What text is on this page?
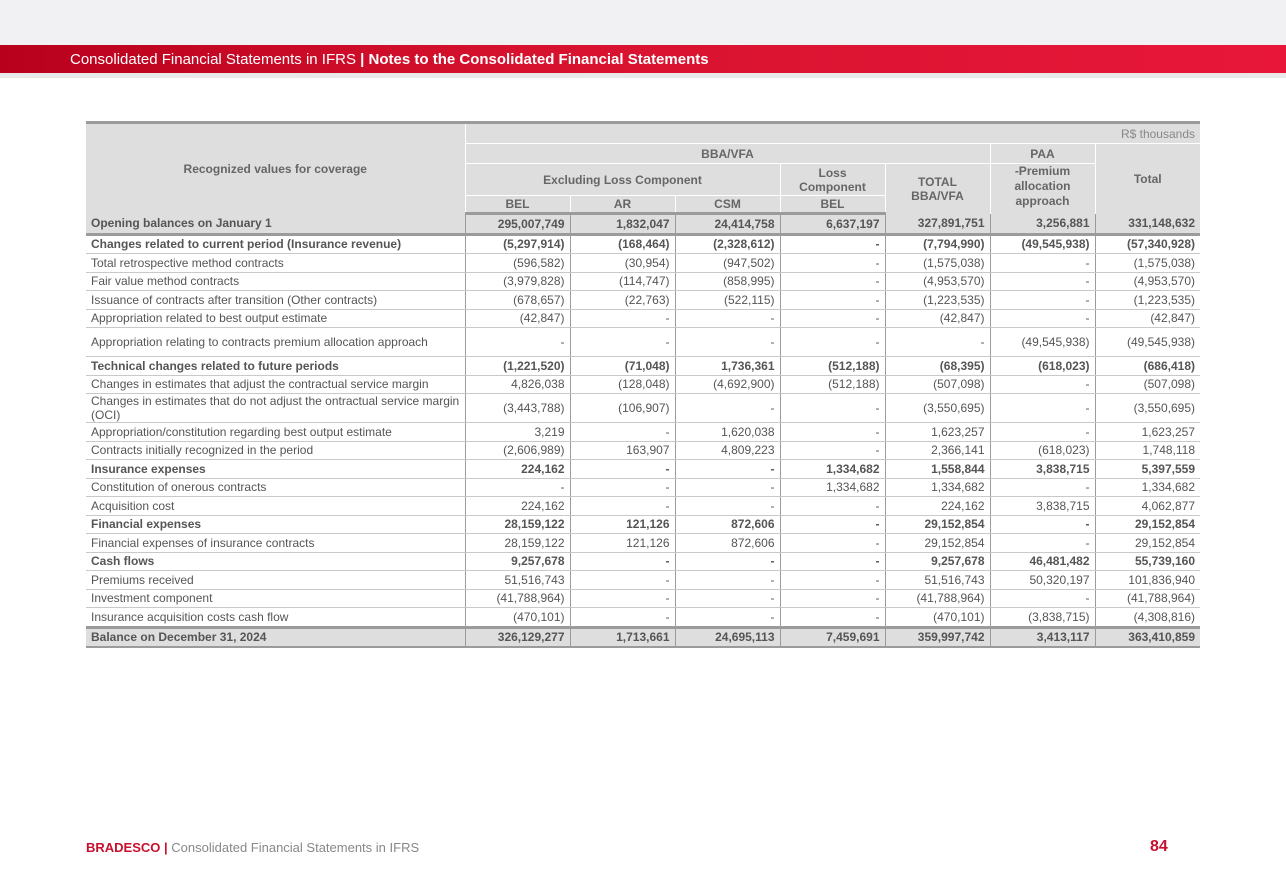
Consolidated Financial Statements in IFRS | Notes to the Consolidated Financial Statements
Recognized values for coverage	R$ thousands						
	BBA/VFA					PAA	Total
	Excluding Loss Component			Loss Component	TOTAL BBA/VFA	-Premium allocation approach	
	BEL	AR	CSM	BEL			
Opening balances on January 1	295,007,749	1,832,047	24,414,758	6,637,197	327,891,751	3,256,881	331,148,632
Changes related to current period (Insurance revenue)	(5,297,914)	(168,464)	(2,328,612)	-	(7,794,990)	(49,545,938)	(57,340,928)
Total retrospective method contracts	(596,582)	(30,954)	(947,502)	-	(1,575,038)	-	(1,575,038)
Fair value method contracts	(3,979,828)	(114,747)	(858,995)	-	(4,953,570)	-	(4,953,570)
Issuance of contracts after transition (Other contracts)	(678,657)	(22,763)	(522,115)	-	(1,223,535)	-	(1,223,535)
Appropriation related to best output estimate	(42,847)	-	-	-	(42,847)	-	(42,847)
Appropriation relating to contracts premium allocation approach	-	-	-	-	-	(49,545,938)	(49,545,938)
Technical changes related to future periods	(1,221,520)	(71,048)	1,736,361	(512,188)	(68,395)	(618,023)	(686,418)
Changes in estimates that adjust the contractual service margin	4,826,038	(128,048)	(4,692,900)	(512,188)	(507,098)	-	(507,098)
Changes in estimates that do not adjust the ontractual service margin (OCI)	(3,443,788)	(106,907)	-	-	(3,550,695)	-	(3,550,695)
Appropriation/constitution regarding best output estimate	3,219	-	1,620,038	-	1,623,257	-	1,623,257
Contracts initially recognized in the period	(2,606,989)	163,907	4,809,223	-	2,366,141	(618,023)	1,748,118
Insurance expenses	224,162	-	-	1,334,682	1,558,844	3,838,715	5,397,559
Constitution of onerous contracts	-	-	-	1,334,682	1,334,682	-	1,334,682
Acquisition cost	224,162	-	-	-	224,162	3,838,715	4,062,877
Financial expenses	28,159,122	121,126	872,606	-	29,152,854	-	29,152,854
Financial expenses of insurance contracts	28,159,122	121,126	872,606	-	29,152,854	-	29,152,854
Cash flows	9,257,678	-	-	-	9,257,678	46,481,482	55,739,160
Premiums received	51,516,743	-	-	-	51,516,743	50,320,197	101,836,940
Investment component	(41,788,964)	-	-	-	(41,788,964)	-	(41,788,964)
Insurance acquisition costs cash flow	(470,101)	-	-	-	(470,101)	(3,838,715)	(4,308,816)
Balance on December 31, 2024	326,129,277	1,713,661	24,695,113	7,459,691	359,997,742	3,413,117	363,410,859
BRADESCO | Consolidated Financial Statements in IFRS	84
